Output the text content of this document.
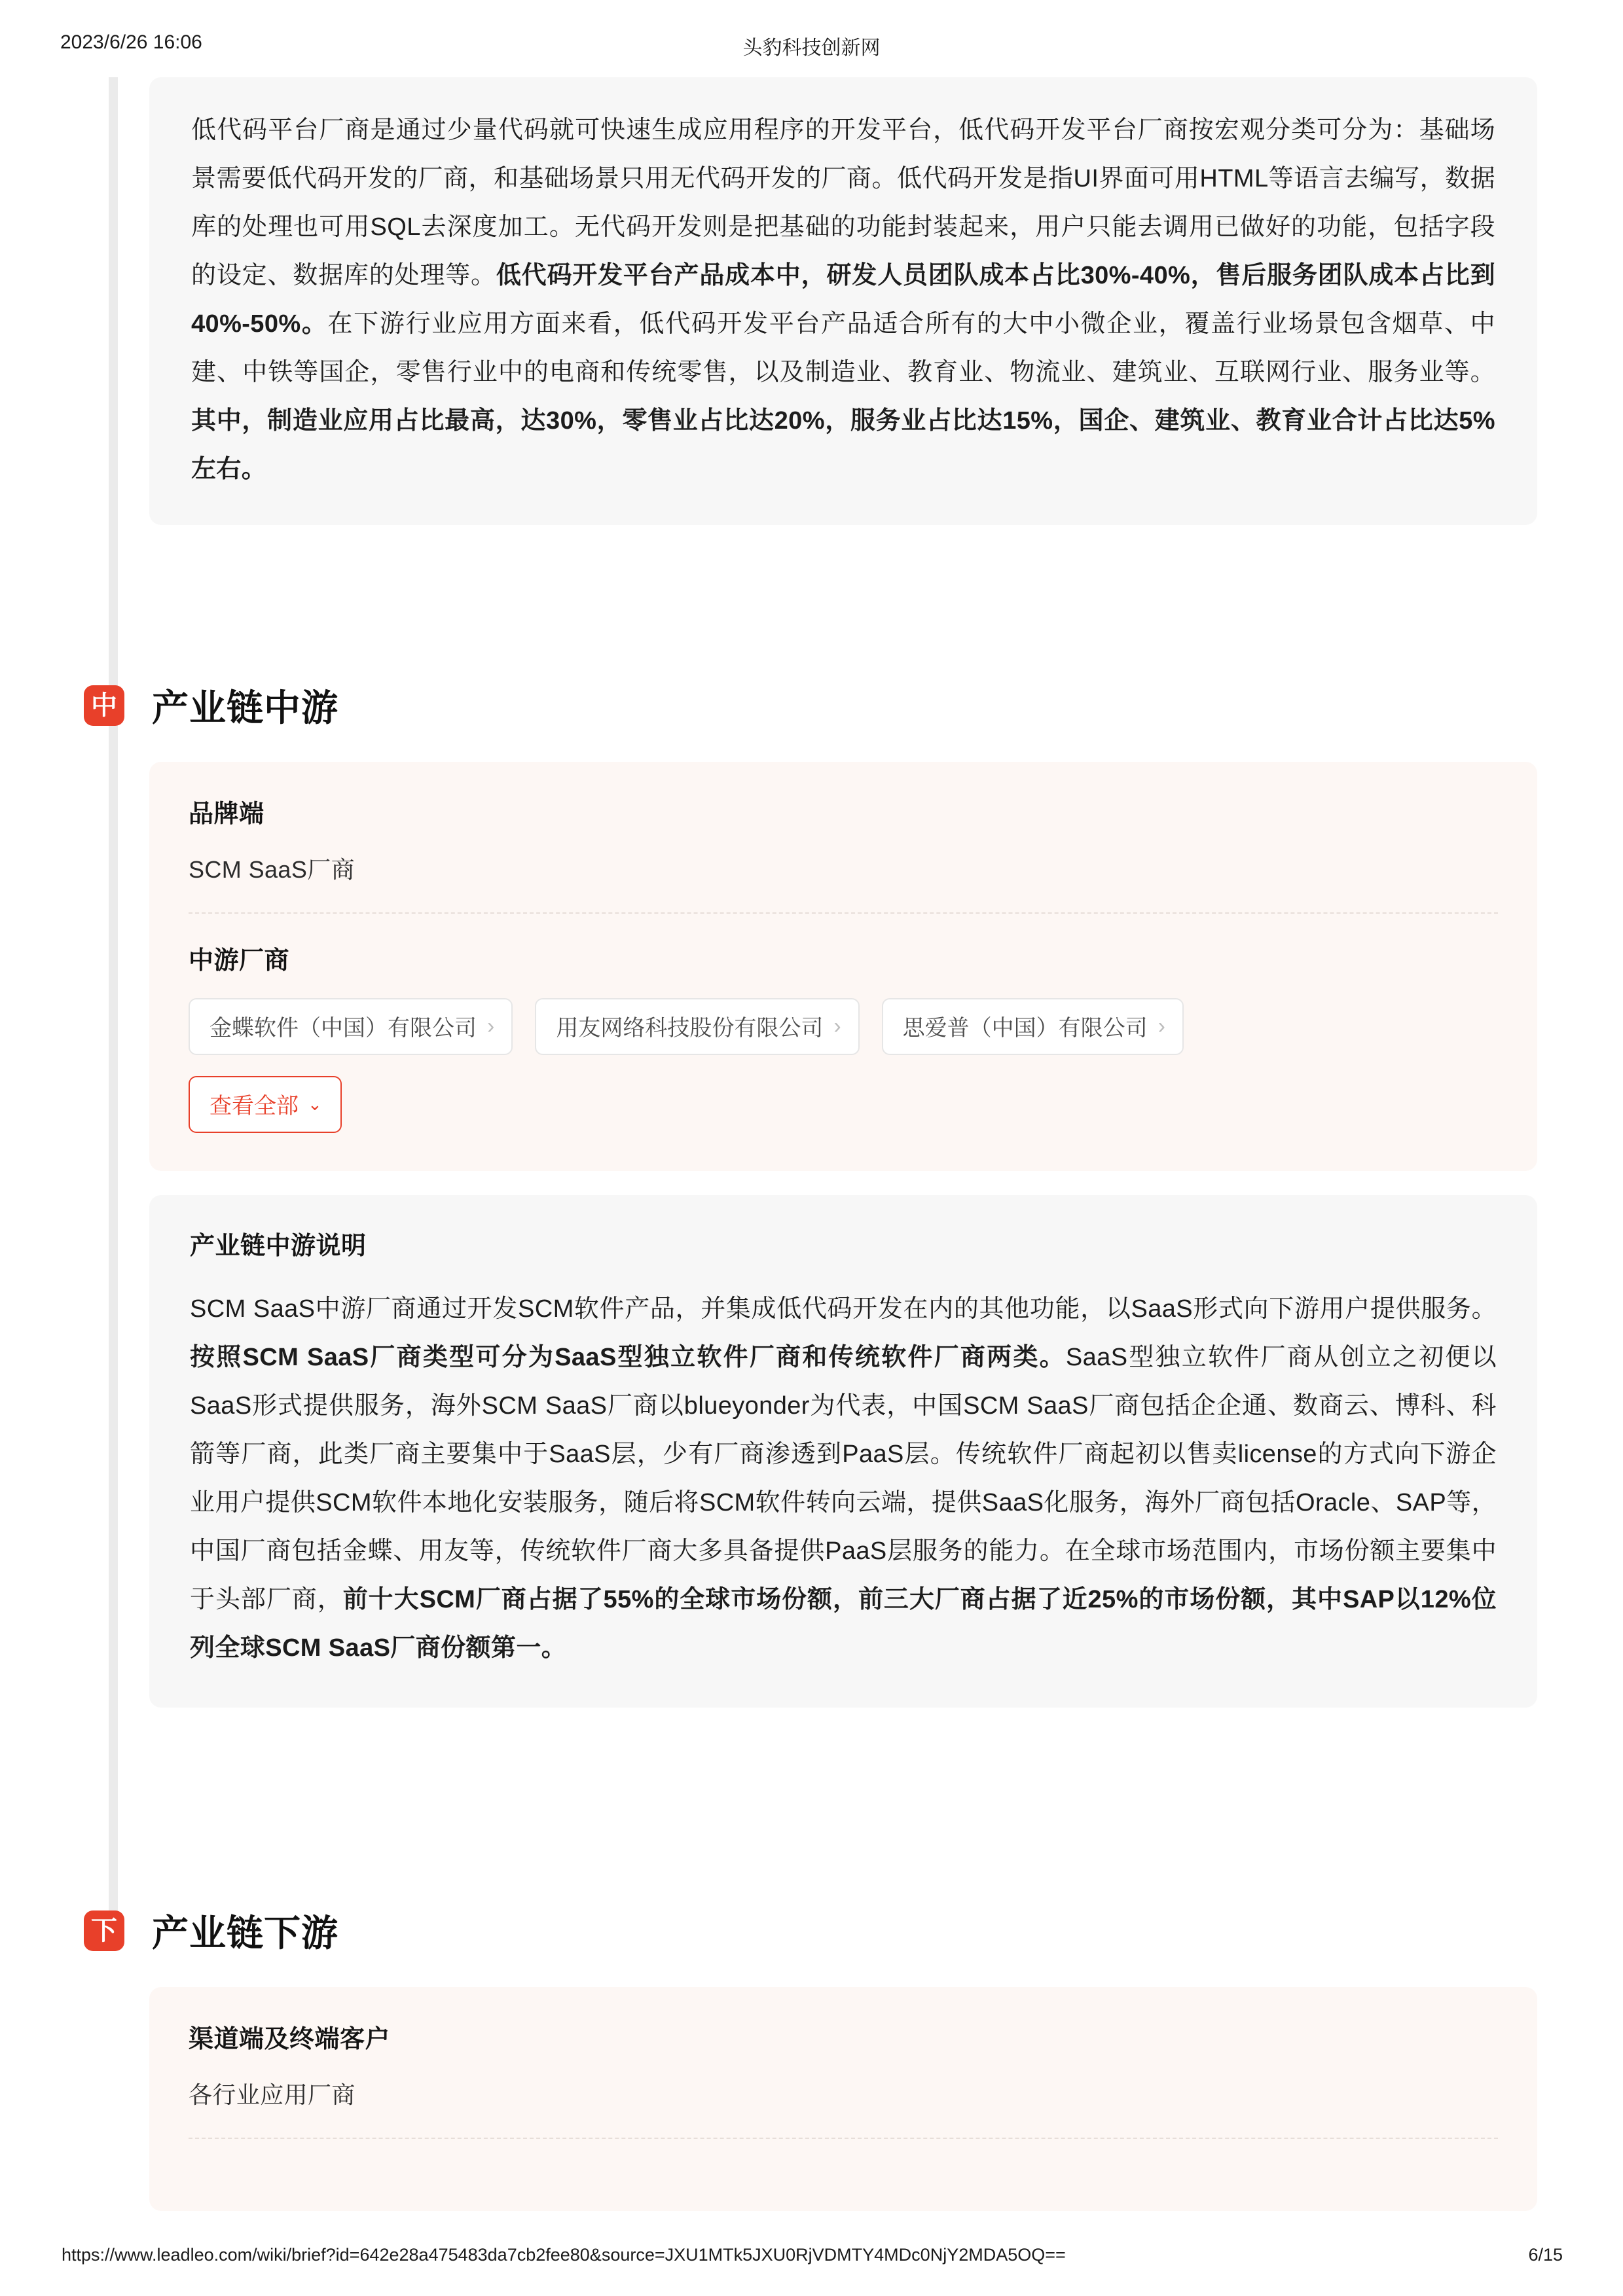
2023/6/26 16:06	头豹科技创新网

低代码平台厂商是通过少量代码就可快速生成应用程序的开发平台，低代码开发平台厂商按宏观分类可分为：基础场景需要低代码开发的厂商，和基础场景只用无代码开发的厂商。低代码开发是指UI界面可用HTML等语言去编写，数据库的处理也可用SQL去深度加工。无代码开发则是把基础的功能封装起来，用户只能去调用已做好的功能，包括字段的设定、数据库的处理等。低代码开发平台产品成本中，研发人员团队成本占比30%-40%，售后服务团队成本占比到40%-50%。在下游行业应用方面来看，低代码开发平台产品适合所有的大中小微企业，覆盖行业场景包含烟草、中建、中铁等国企，零售行业中的电商和传统零售，以及制造业、教育业、物流业、建筑业、互联网行业、服务业等。其中，制造业应用占比最高，达30%，零售业占比达20%，服务业占比达15%，国企、建筑业、教育业合计占比达5%左右。

中 产业链中游
品牌端
SCM SaaS厂商
中游厂商
金蝶软件（中国）有限公司 ›	用友网络科技股份有限公司 ›	思爱普（中国）有限公司 ›
查看全部 ⌄
产业链中游说明

SCM SaaS中游厂商通过开发SCM软件产品，并集成低代码开发在内的其他功能，以SaaS形式向下游用户提供服务。按照SCM SaaS厂商类型可分为SaaS型独立软件厂商和传统软件厂商两类。SaaS型独立软件厂商从创立之初便以SaaS形式提供服务，海外SCM SaaS厂商以blueyonder为代表，中国SCM SaaS厂商包括企企通、数商云、博科、科箭等厂商，此类厂商主要集中于SaaS层，少有厂商渗透到PaaS层。传统软件厂商起初以售卖license的方式向下游企业用户提供SCM软件本地化安装服务，随后将SCM软件转向云端，提供SaaS化服务，海外厂商包括Oracle、SAP等，中国厂商包括金蝶、用友等，传统软件厂商大多具备提供PaaS层服务的能力。在全球市场范围内，市场份额主要集中于头部厂商，前十大SCM厂商占据了55%的全球市场份额，前三大厂商占据了近25%的市场份额，其中SAP以12%位列全球SCM SaaS厂商份额第一。

下 产业链下游
渠道端及终端客户
各行业应用厂商
https://www.leadleo.com/wiki/brief?id=642e28a475483da7cb2fee80&source=JXU1MTk5JXU0RjVDMTY4MDc0NjY2MDA5OQ==	6/15
